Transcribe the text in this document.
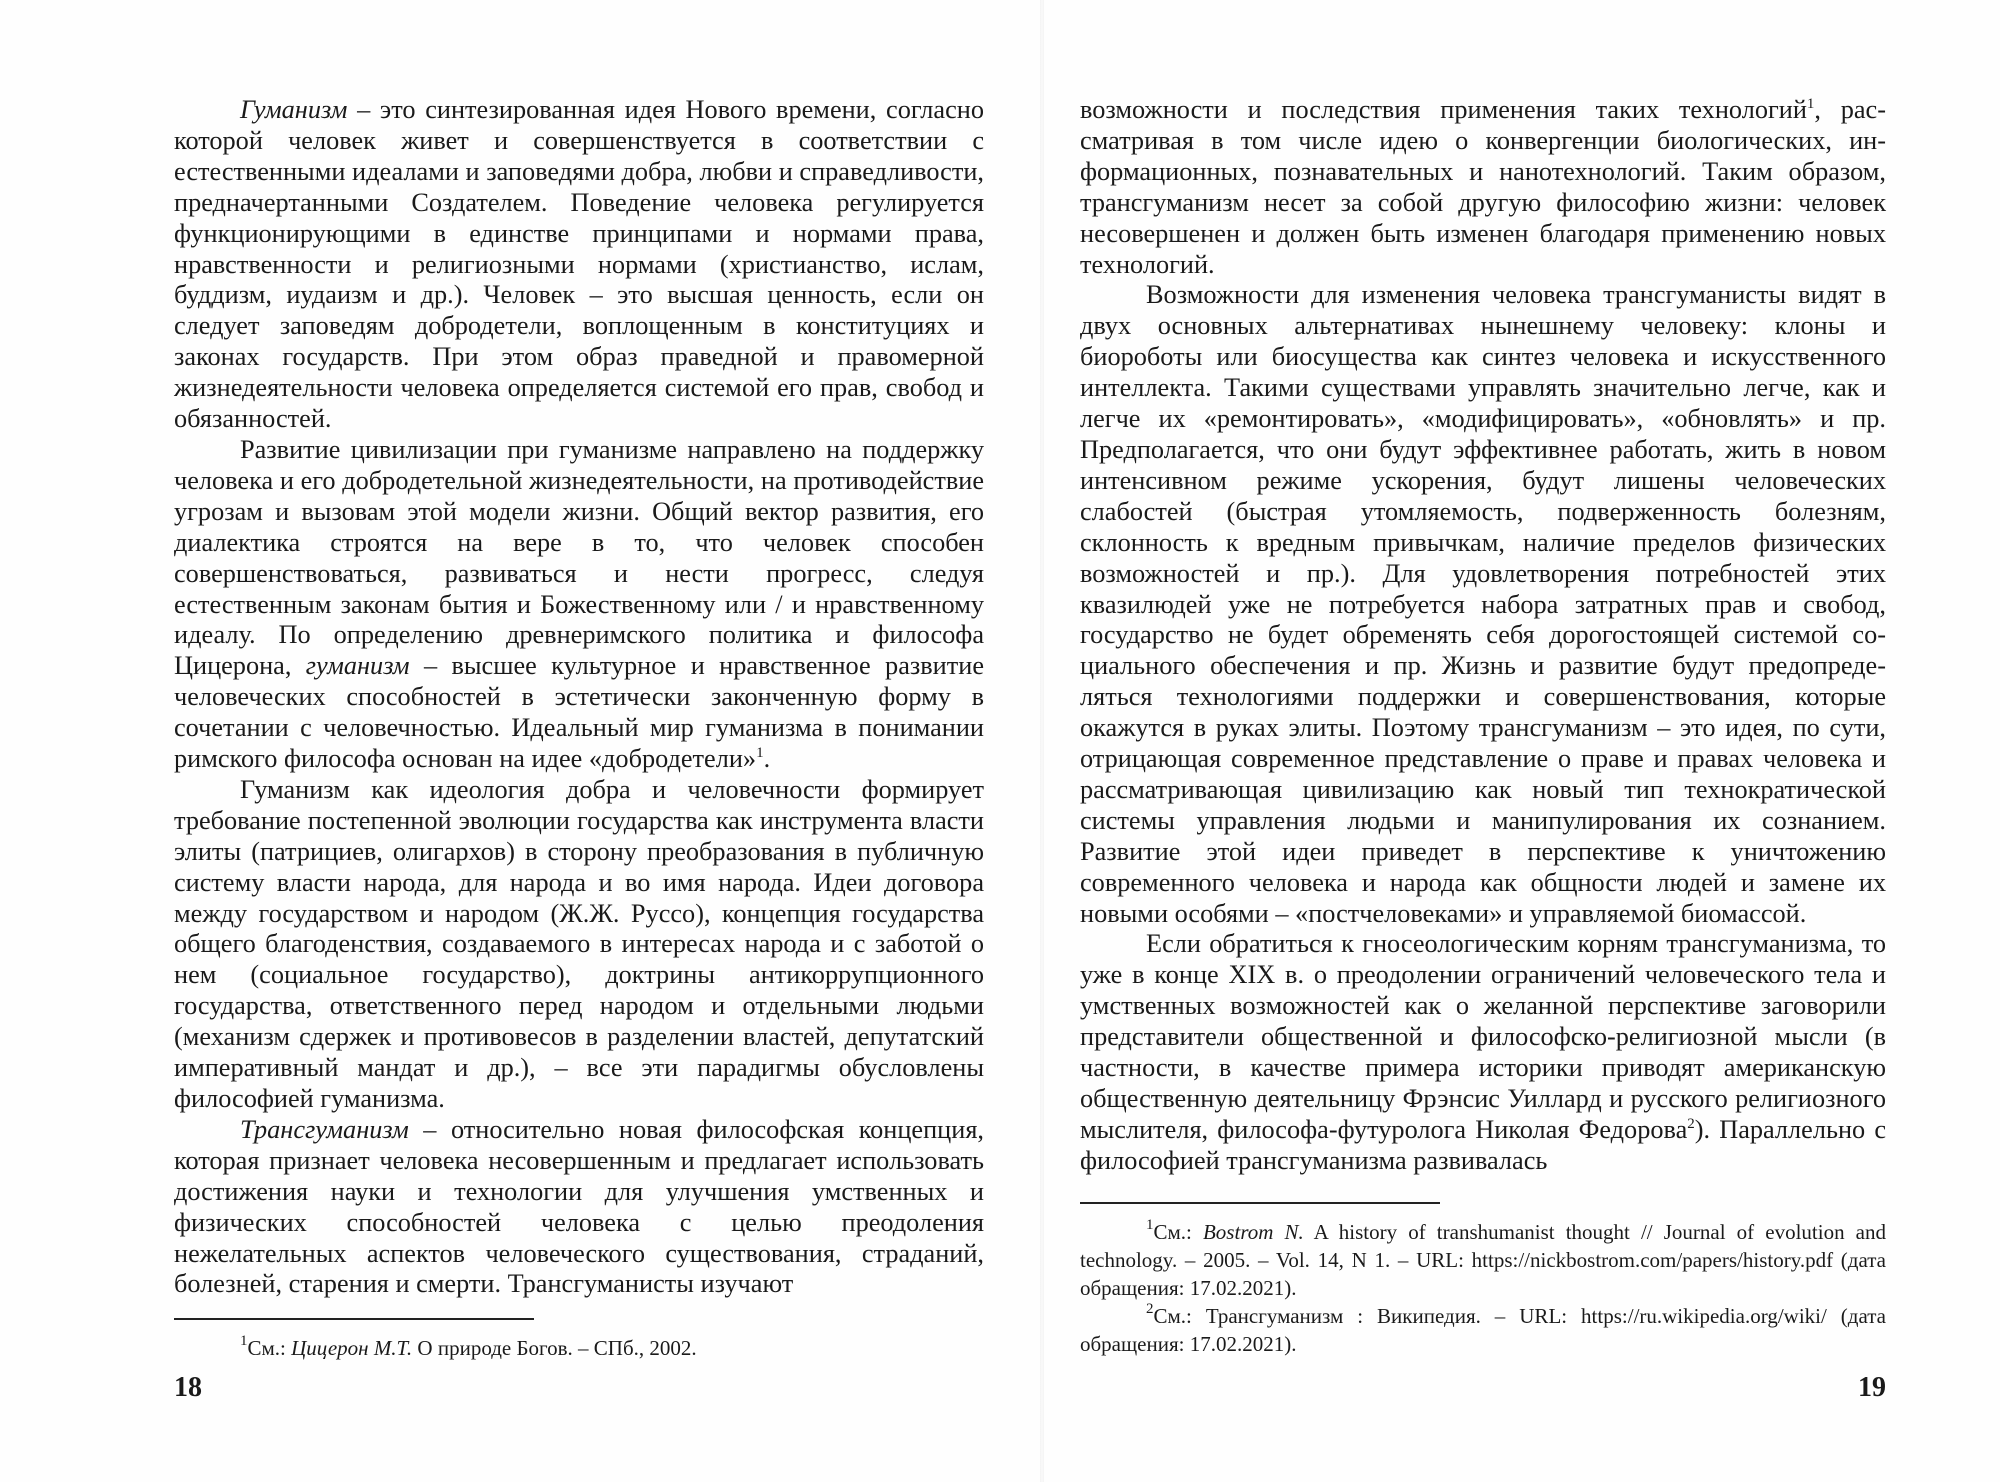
Гуманизм – это синтезированная идея Нового времени, согласно которой человек живет и совершенствуется в соответствии с естественными идеалами и заповедями добра, любви и справедливости, предначертанными Создателем. Поведение человека регулируется функционирующими в единстве принципами и нормами права, нравственности и религиозными нормами (христианство, ислам, буддизм, иудаизм и др.). Человек – это высшая ценность, если он следует заповедям добродетели, воплощенным в конституциях и законах государств. При этом образ праведной и правомерной жизнедеятельности человека определяется системой его прав, свобод и обязанностей.

Развитие цивилизации при гуманизме направлено на поддержку человека и его добродетельной жизнедеятельности, на противодействие угрозам и вызовам этой модели жизни. Общий вектор развития, его диалектика строятся на вере в то, что человек способен совершенствоваться, развиваться и нести прогресс, следуя естественным законам бытия и Божественному или / и нравственному идеалу. По определению древнеримского политика и философа Цицерона, гуманизм – высшее культурное и нравственное развитие человеческих способностей в эстетически законченную форму в сочетании с человечностью. Идеальный мир гуманизма в понимании римского философа основан на идее «добродетели»$^1$.

Гуманизм как идеология добра и человечности формирует требование постепенной эволюции государства как инструмента власти элиты (патрициев, олигархов) в сторону преобразования в публичную систему власти народа, для народа и во имя народа. Идеи договора между государством и народом (Ж.Ж. Руссо), концепция государства общего благоденствия, создаваемого в интересах народа и с заботой о нем (социальное государство), доктрины антикоррупционного государства, ответственного перед народом и отдельными людьми (механизм сдержек и противовесов в разделении властей, депутатский императивный мандат и др.), – все эти парадигмы обусловлены философией гуманизма.

Трансгуманизм – относительно новая философская концепция, которая признает человека несовершенным и предлагает использовать достижения науки и технологии для улучшения умственных и физических способностей человека с целью преодоления нежелательных аспектов человеческого существования, страданий, болезней, старения и смерти. Трансгуманисты изучают

$^1$См.: Цицерон М.Т. О природе Богов. – СПб., 2002.

18

возможности и последствия применения таких технологий$^1$, рассматривая в том числе идею о конвергенции биологических, информационных, познавательных и нанотехнологий. Таким образом, трансгуманизм несет за собой другую философию жизни: человек несовершенен и должен быть изменен благодаря применению новых технологий.

Возможности для изменения человека трансгуманисты видят в двух основных альтернативах нынешнему человеку: клоны и биороботы или биосущества как синтез человека и искусственного интеллекта. Такими существами управлять значительно легче, как и легче их «ремонтировать», «модифицировать», «обновлять» и пр. Предполагается, что они будут эффективнее работать, жить в новом интенсивном режиме ускорения, будут лишены человеческих слабостей (быстрая утомляемость, подверженность болезням, склонность к вредным привычкам, наличие пределов физических возможностей и пр.). Для удовлетворения потребностей этих квазилюдей уже не потребуется набора затратных прав и свобод, государство не будет обременять себя дорогостоящей системой социального обеспечения и пр. Жизнь и развитие будут предопределяться технологиями поддержки и совершенствования, которые окажутся в руках элиты. Поэтому трансгуманизм – это идея, по сути, отрицающая современное представление о праве и правах человека и рассматривающая цивилизацию как новый тип технократической системы управления людьми и манипулирования их сознанием. Развитие этой идеи приведет в перспективе к уничтожению современного человека и народа как общности людей и замене их новыми особями – «постчеловеками» и управляемой биомассой.

Если обратиться к гносеологическим корням трансгуманизма, то уже в конце XIX в. о преодолении ограничений человеческого тела и умственных возможностей как о желанной перспективе заговорили представители общественной и философско-религиозной мысли (в частности, в качестве примера историки приводят американскую общественную деятельницу Фрэнсис Уиллард и русского религиозного мыслителя, философа-футуролога Николая Федорова$^2$). Параллельно с философией трансгуманизма развивалась

$^1$См.: Bostrom N. A history of transhumanist thought // Journal of evolution and technology. – 2005. – Vol. 14, N 1. – URL: https://nickbostrom.com/papers/history.pdf (дата обращения: 17.02.2021).

$^2$См.: Трансгуманизм : Википедия. – URL: https://ru.wikipedia.org/wiki/ (дата обращения: 17.02.2021).

19
